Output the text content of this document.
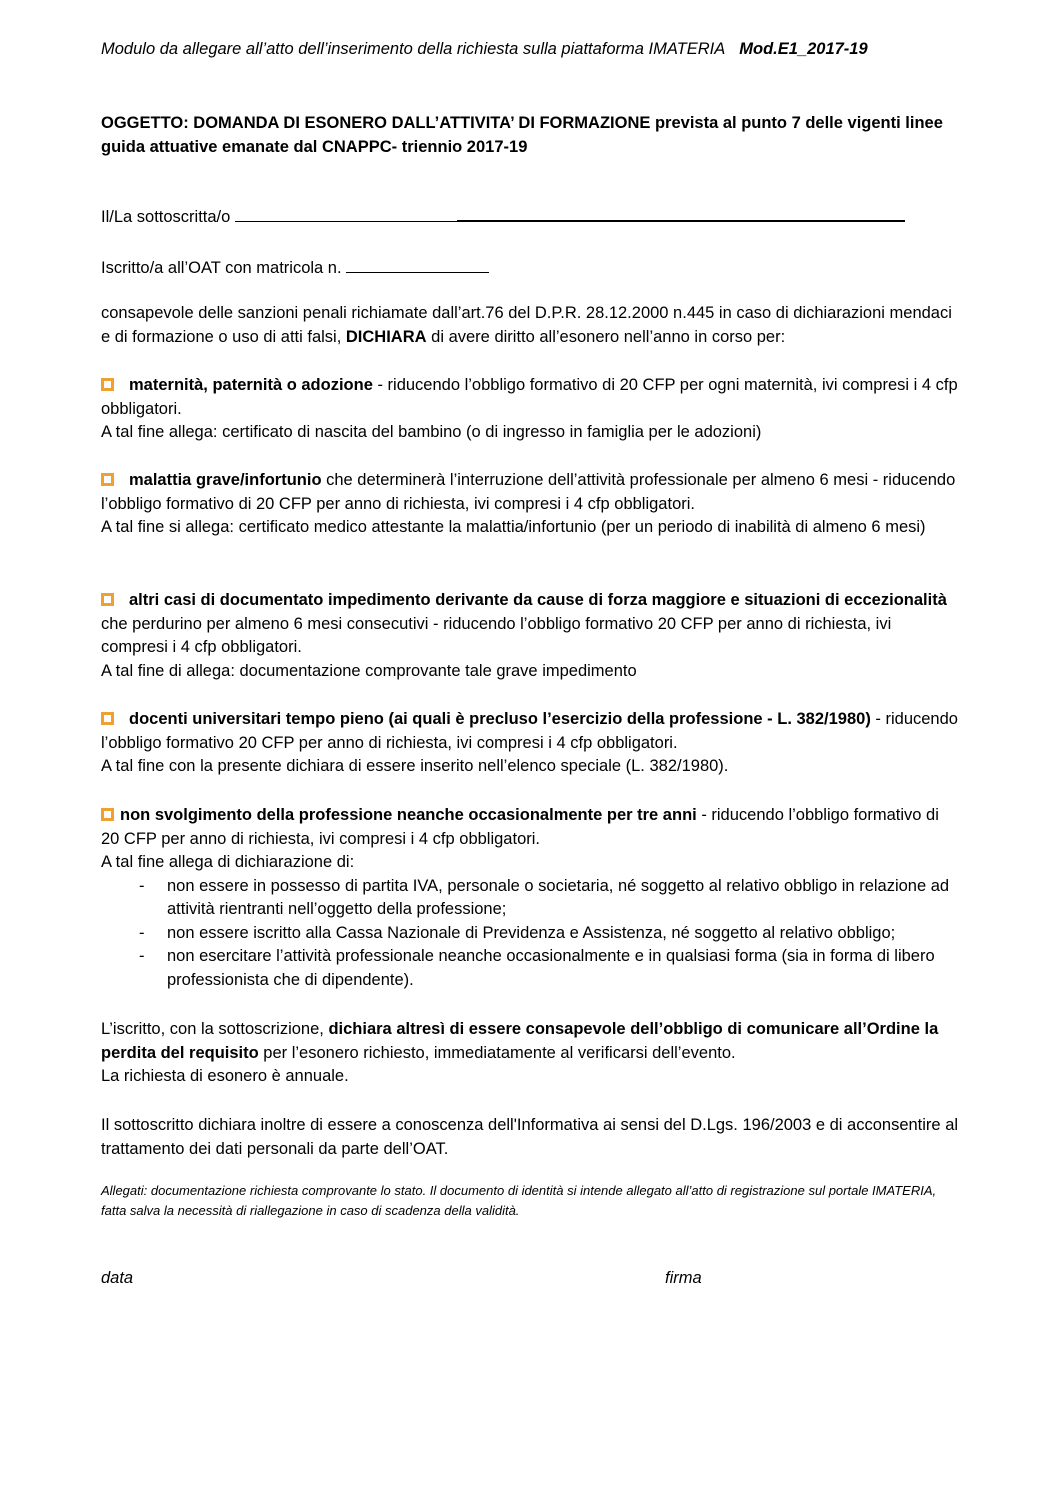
Modulo da allegare all’atto dell’inserimento della richiesta sulla piattaforma IMATERIA Mod.E1_2017-19
OGGETTO: DOMANDA DI ESONERO DALL’ATTIVITA’ DI FORMAZIONE prevista al punto 7 delle vigenti linee guida attuative emanate dal CNAPPC- triennio 2017-19
Il/La sottoscritta/o
Iscritto/a all’OAT con matricola n.
consapevole delle sanzioni penali richiamate dall’art.76 del D.P.R. 28.12.2000 n.445 in caso di dichiarazioni mendaci e di formazione o uso di atti falsi, DICHIARA di avere diritto all’esonero nell’anno in corso per:
maternità, paternità o adozione - riducendo l’obbligo formativo di 20 CFP per ogni maternità, ivi compresi i 4 cfp obbligatori.
A tal fine allega: certificato di nascita del bambino (o di ingresso in famiglia per le adozioni)
malattia grave/infortunio che determinerà l’interruzione dell’attività professionale per almeno 6 mesi - riducendo l’obbligo formativo di 20 CFP per anno di richiesta, ivi compresi i 4 cfp obbligatori.
A tal fine si allega: certificato medico attestante la malattia/infortunio (per un periodo di inabilità di almeno 6 mesi)
altri casi di documentato impedimento derivante da cause di forza maggiore e situazioni di eccezionalità che perdurino per almeno 6 mesi consecutivi - riducendo l’obbligo formativo 20 CFP per anno di richiesta, ivi compresi i 4 cfp obbligatori.
A tal fine di allega: documentazione comprovante tale grave impedimento
docenti universitari tempo pieno (ai quali è precluso l’esercizio della professione - L. 382/1980) - riducendo l’obbligo formativo 20 CFP per anno di richiesta, ivi compresi i 4 cfp obbligatori.
A tal fine con la presente dichiara di essere inserito nell’elenco speciale (L. 382/1980).
non svolgimento della professione neanche occasionalmente per tre anni - riducendo l’obbligo formativo di 20 CFP per anno di richiesta, ivi compresi i 4 cfp obbligatori.
A tal fine allega di dichiarazione di:
- non essere in possesso di partita IVA, personale o societaria, né soggetto al relativo obbligo in relazione ad attività rientranti nell’oggetto della professione;
- non essere iscritto alla Cassa Nazionale di Previdenza e Assistenza, né soggetto al relativo obbligo;
- non esercitare l’attività professionale neanche occasionalmente e in qualsiasi forma (sia in forma di libero professionista che di dipendente).
L’iscritto, con la sottoscrizione, dichiara altresì di essere consapevole dell’obbligo di comunicare all’Ordine la perdita del requisito per l’esonero richiesto, immediatamente al verificarsi dell’evento.
La richiesta di esonero è annuale.
Il sottoscritto dichiara inoltre di essere a conoscenza dell'Informativa ai sensi del D.Lgs. 196/2003 e di acconsentire al trattamento dei dati personali da parte dell’OAT.
Allegati: documentazione richiesta comprovante lo stato. Il documento di identità si intende allegato all’atto di registrazione sul portale IMATERIA, fatta salva la necessità di riallegazione in caso di scadenza della validità.
data	firma
